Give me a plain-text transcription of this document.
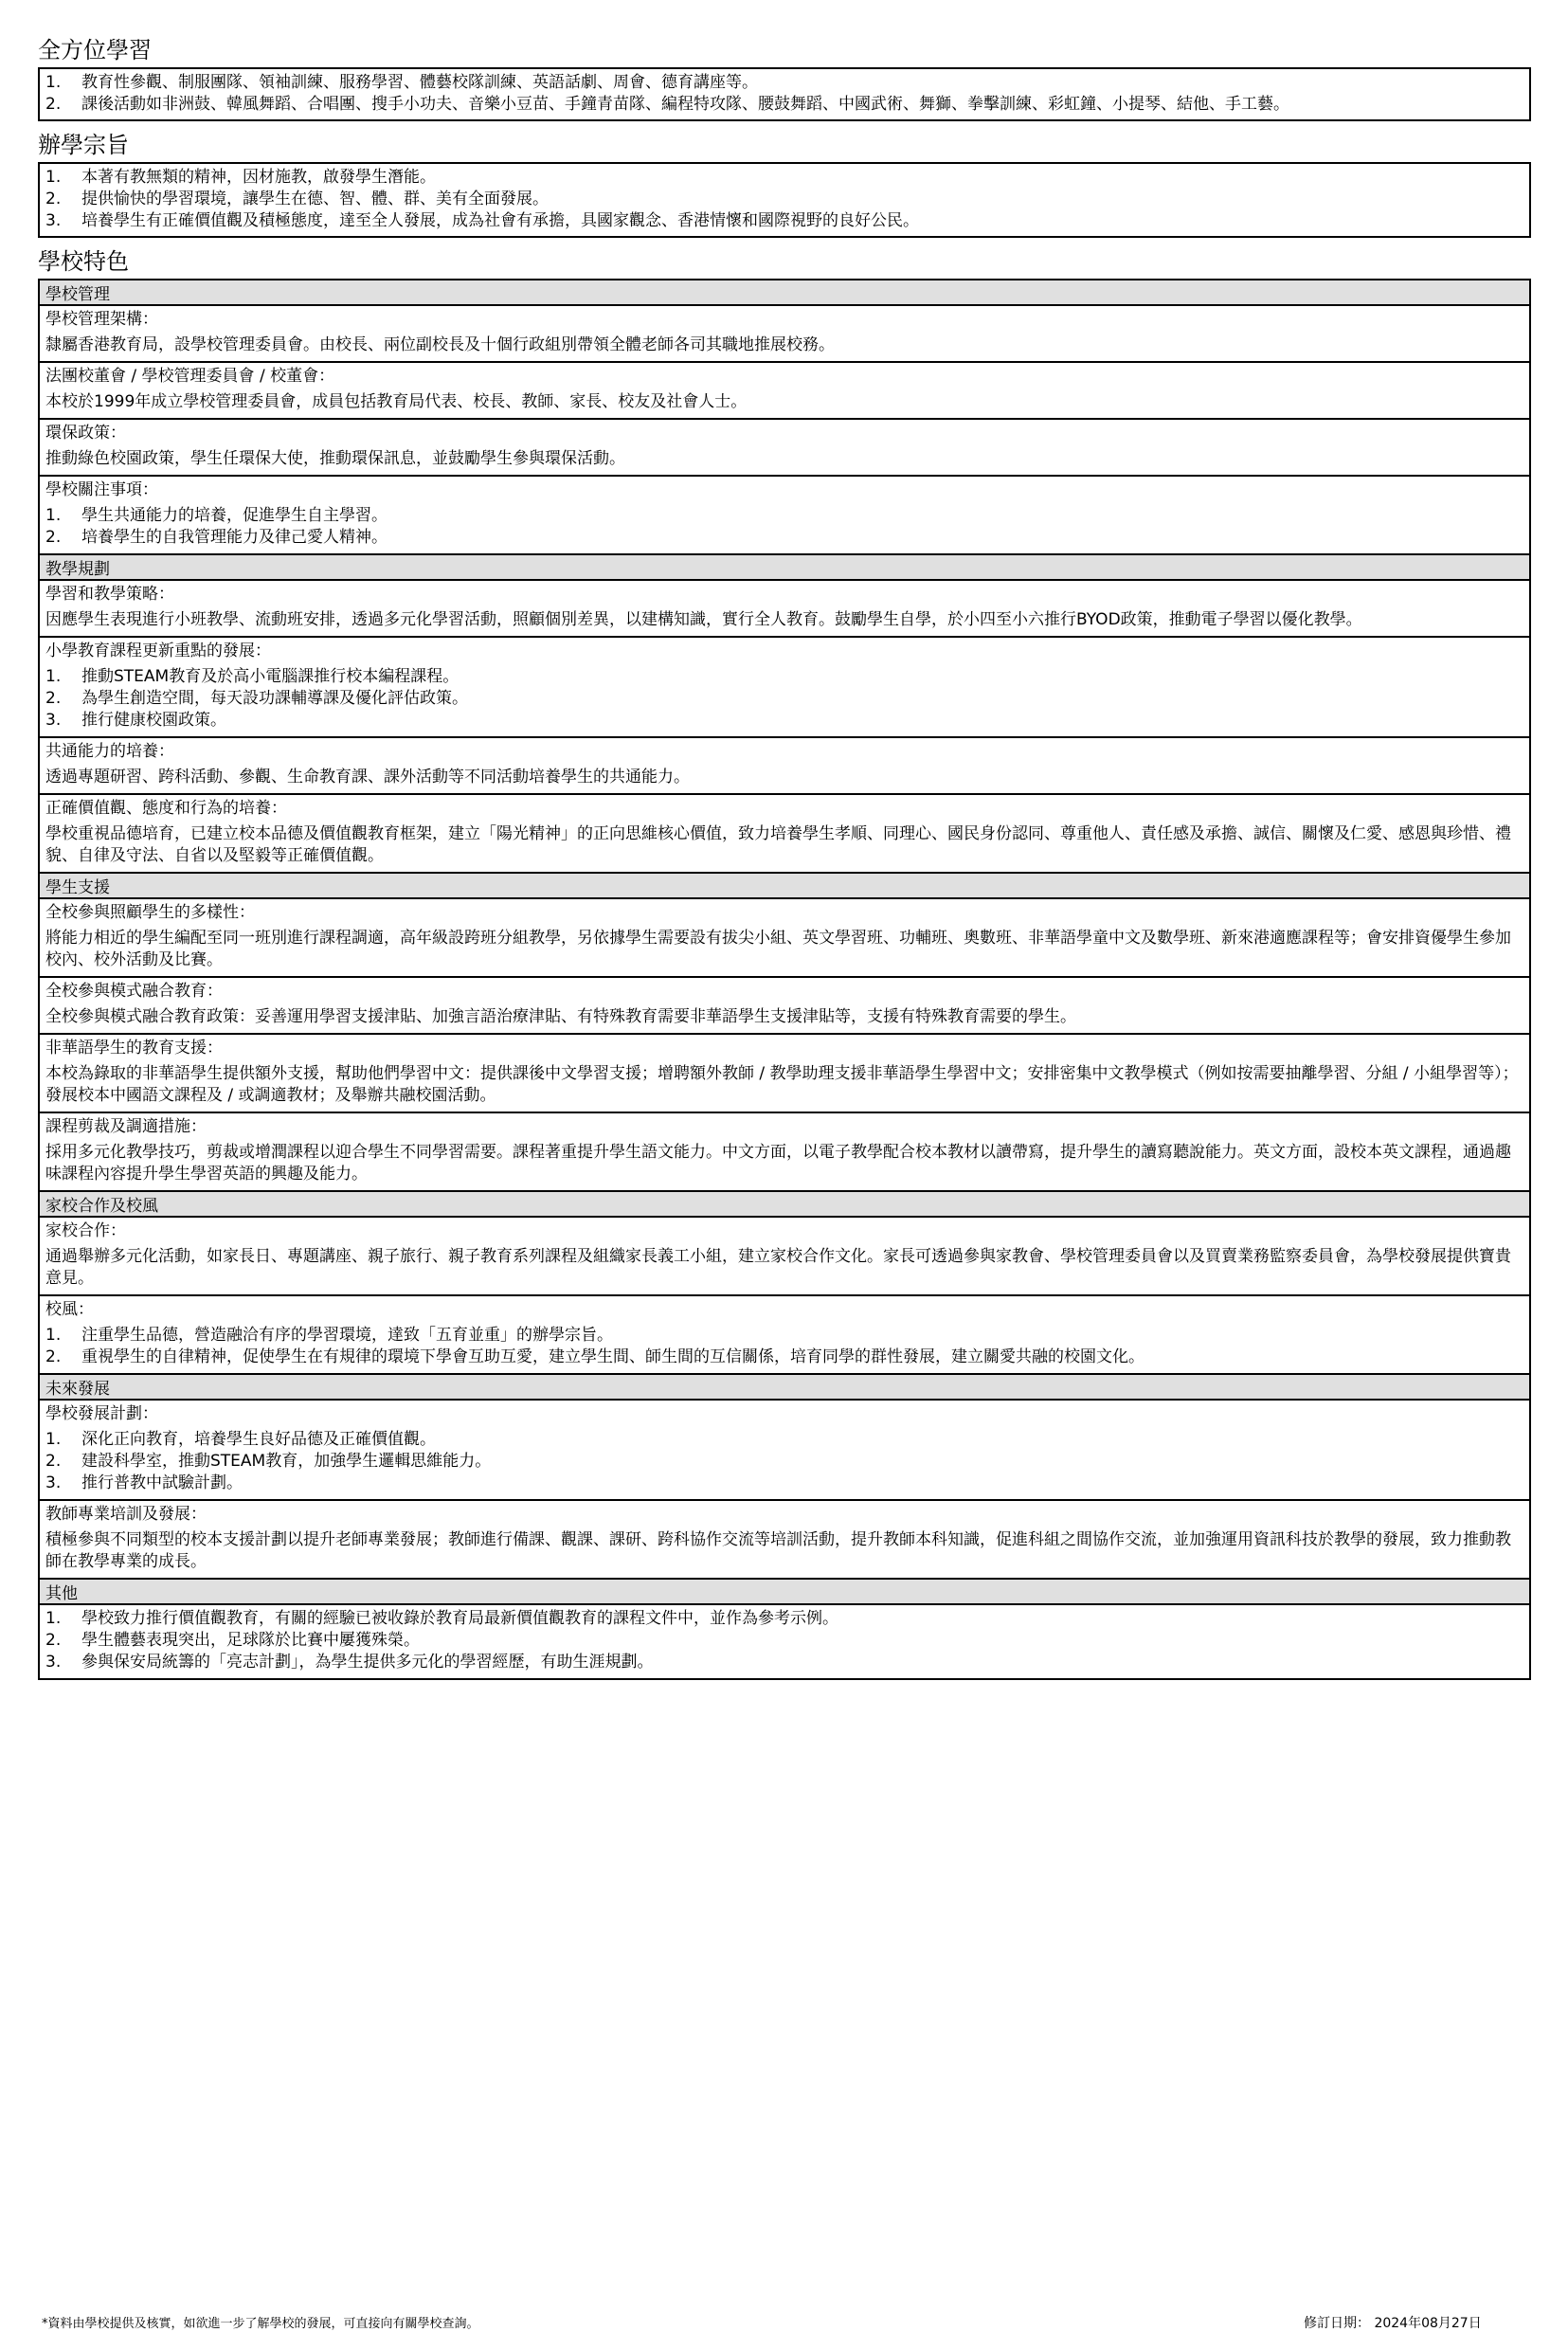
全方位學習
1.	教育性參觀、制服團隊、領袖訓練、服務學習、體藝校隊訓練、英語話劇、周會、德育講座等。
2.	課後活動如非洲鼓、韓風舞蹈、合唱團、搜手小功夫、音樂小豆苗、手鐘青苗隊、編程特攻隊、腰鼓舞蹈、中國武術、舞獅、拳擊訓練、彩虹鐘、小提琴、結他、手工藝。
辦學宗旨
1.	本著有教無類的精神，因材施教，啟發學生潛能。
2.	提供愉快的學習環境，讓學生在德、智、體、群、美有全面發展。
3.	培養學生有正確價值觀及積極態度，達至全人發展，成為社會有承擔，具國家觀念、香港情懷和國際視野的良好公民。
學校特色
學校管理
學校管理架構：
隸屬香港教育局，設學校管理委員會。由校長、兩位副校長及十個行政組別帶領全體老師各司其職地推展校務。
法團校董會 / 學校管理委員會 / 校董會：
本校於1999年成立學校管理委員會，成員包括教育局代表、校長、教師、家長、校友及社會人士。
環保政策：
推動綠色校園政策，學生任環保大使，推動環保訊息，並鼓勵學生參與環保活動。
學校關注事項：
1.	學生共通能力的培養，促進學生自主學習。
2.	培養學生的自我管理能力及律己愛人精神。
教學規劃
學習和教學策略：
因應學生表現進行小班教學、流動班安排，透過多元化學習活動，照顧個別差異，以建構知識，實行全人教育。鼓勵學生自學，於小四至小六推行BYOD政策，推動電子學習以優化教學。
小學教育課程更新重點的發展：
1.	推動STEAM教育及於高小電腦課推行校本編程課程。
2.	為學生創造空間，每天設功課輔導課及優化評估政策。
3.	推行健康校園政策。
共通能力的培養：
透過專題研習、跨科活動、參觀、生命教育課、課外活動等不同活動培養學生的共通能力。
正確價值觀、態度和行為的培養：
學校重視品德培育，已建立校本品德及價值觀教育框架，建立「陽光精神」的正向思維核心價值，致力培養學生孝順、同理心、國民身份認同、尊重他人、責任感及承擔、誠信、關懷及仁愛、感恩與珍惜、禮貌、自律及守法、自省以及堅毅等正確價值觀。
學生支援
全校參與照顧學生的多樣性：
將能力相近的學生編配至同一班別進行課程調適，高年級設跨班分組教學，另依據學生需要設有拔尖小組、英文學習班、功輔班、奧數班、非華語學童中文及數學班、新來港適應課程等；會安排資優學生參加校內、校外活動及比賽。
全校參與模式融合教育：
全校參與模式融合教育政策：妥善運用學習支援津貼、加強言語治療津貼、有特殊教育需要非華語學生支援津貼等，支援有特殊教育需要的學生。
非華語學生的教育支援：
本校為錄取的非華語學生提供額外支援，幫助他們學習中文：提供課後中文學習支援；增聘額外教師 / 教學助理支援非華語學生學習中文；安排密集中文教學模式（例如按需要抽離學習、分組 / 小組學習等）；發展校本中國語文課程及 / 或調適教材；及舉辦共融校園活動。
課程剪裁及調適措施：
採用多元化教學技巧，剪裁或增潤課程以迎合學生不同學習需要。課程著重提升學生語文能力。中文方面，以電子教學配合校本教材以讀帶寫，提升學生的讀寫聽說能力。英文方面，設校本英文課程，通過趣味課程內容提升學生學習英語的興趣及能力。
家校合作及校風
家校合作：
通過舉辦多元化活動，如家長日、專題講座、親子旅行、親子教育系列課程及組織家長義工小組，建立家校合作文化。家長可透過參與家教會、學校管理委員會以及買賣業務監察委員會，為學校發展提供寶貴意見。
校風：
1.	注重學生品德，營造融洽有序的學習環境，達致「五育並重」的辦學宗旨。
2.	重視學生的自律精神，促使學生在有規律的環境下學會互助互愛，建立學生間、師生間的互信關係，培育同學的群性發展，建立關愛共融的校園文化。
未來發展
學校發展計劃：
1.	深化正向教育，培養學生良好品德及正確價值觀。
2.	建設科學室，推動STEAM教育，加強學生邏輯思維能力。
3.	推行普教中試驗計劃。
教師專業培訓及發展：
積極參與不同類型的校本支援計劃以提升老師專業發展；教師進行備課、觀課、課研、跨科協作交流等培訓活動，提升教師本科知識，促進科組之間協作交流，並加強運用資訊科技於教學的發展，致力推動教師在教學專業的成長。
其他
1.	學校致力推行價值觀教育，有關的經驗已被收錄於教育局最新價值觀教育的課程文件中，並作為參考示例。
2.	學生體藝表現突出，足球隊於比賽中屢獲殊榮。
3.	參與保安局統籌的「亮志計劃」，為學生提供多元化的學習經歷，有助生涯規劃。
*資料由學校提供及核實，如欲進一步了解學校的發展，可直接向有關學校查詢。	修訂日期： 2024年08月27日
